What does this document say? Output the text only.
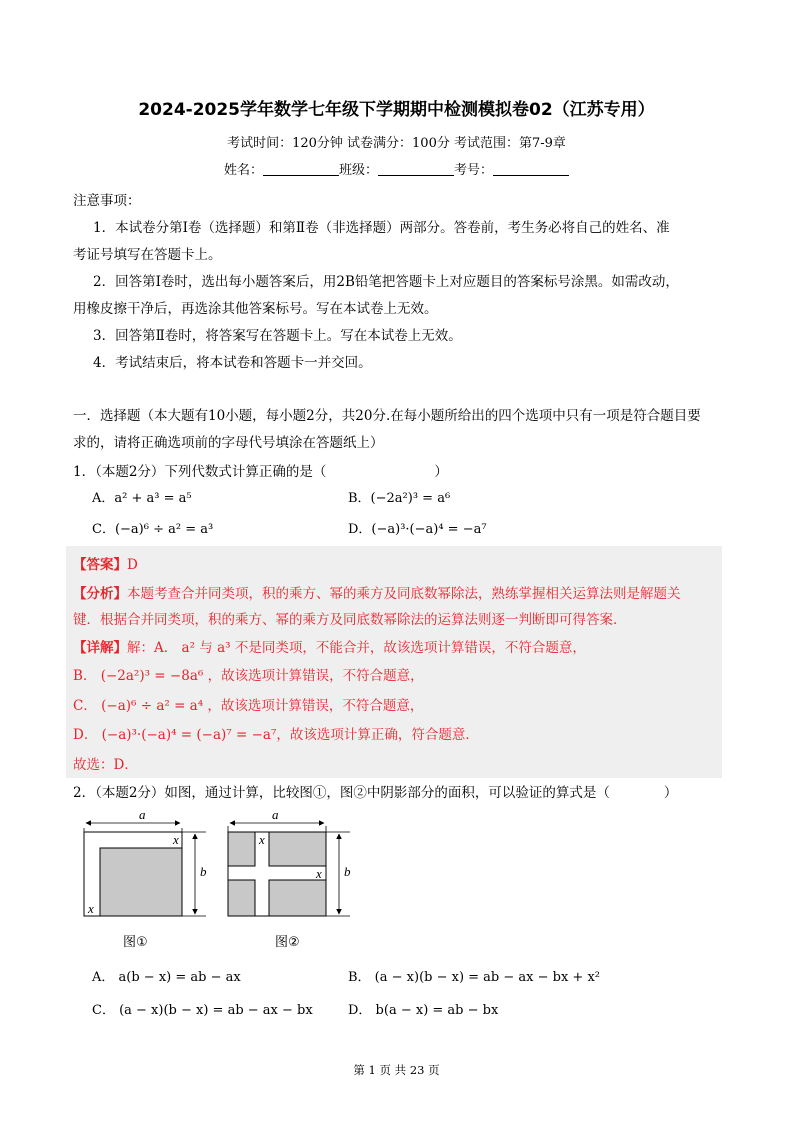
2024-2025学年数学七年级下学期期中检测模拟卷02（江苏专用）
考试时间：120分钟 试卷满分：100分 考试范围：第7-9章
姓名：	班级：	考号：
注意事项：
1．本试卷分第Ⅰ卷（选择题）和第Ⅱ卷（非选择题）两部分。答卷前，考生务必将自己的姓名、准
考证号填写在答题卡上。
2．回答第Ⅰ卷时，选出每小题答案后，用2B铅笔把答题卡上对应题目的答案标号涂黑。如需改动，
用橡皮擦干净后，再选涂其他答案标号。写在本试卷上无效。
3．回答第Ⅱ卷时，将答案写在答题卡上。写在本试卷上无效。
4．考试结束后，将本试卷和答题卡一并交回。
一．选择题（本大题有10小题，每小题2分，共20分.在每小题所给出的四个选项中只有一项是符合题目要
求的，请将正确选项前的字母代号填涂在答题纸上）
1．（本题2分）下列代数式计算正确的是（　　　　　　　　）
A．a² + a³ = a⁵	B．(−2a²)³ = a⁶
C．(−a)⁶ ÷ a² = a³	D．(−a)³·(−a)⁴ = −a⁷
【答案】D
【分析】本题考查合并同类项，积的乘方、幂的乘方及同底数幂除法，熟练掌握相关运算法则是解题关
键．根据合并同类项，积的乘方、幂的乘方及同底数幂除法的运算法则逐一判断即可得答案．
【详解】解：A． a² 与 a³ 不是同类项，不能合并，故该选项计算错误，不符合题意，
B． (−2a²)³ = −8a⁶ ，故该选项计算错误，不符合题意，
C． (−a)⁶ ÷ a² = a⁴ ，故该选项计算错误，不符合题意，
D． (−a)³·(−a)⁴ = (−a)⁷ = −a⁷，故该选项计算正确，符合题意．
故选：D．
2．（本题2分）如图，通过计算，比较图①，图②中阴影部分的面积，可以验证的算式是（　　　　）
a
x
x
b
a
x
x b
图①	图②
A． a(b − x) = ab − ax	B． (a − x)(b − x) = ab − ax − bx + x²
C． (a − x)(b − x) = ab − ax − bx	D． b(a − x) = ab − bx
第 1 页 共 23 页
